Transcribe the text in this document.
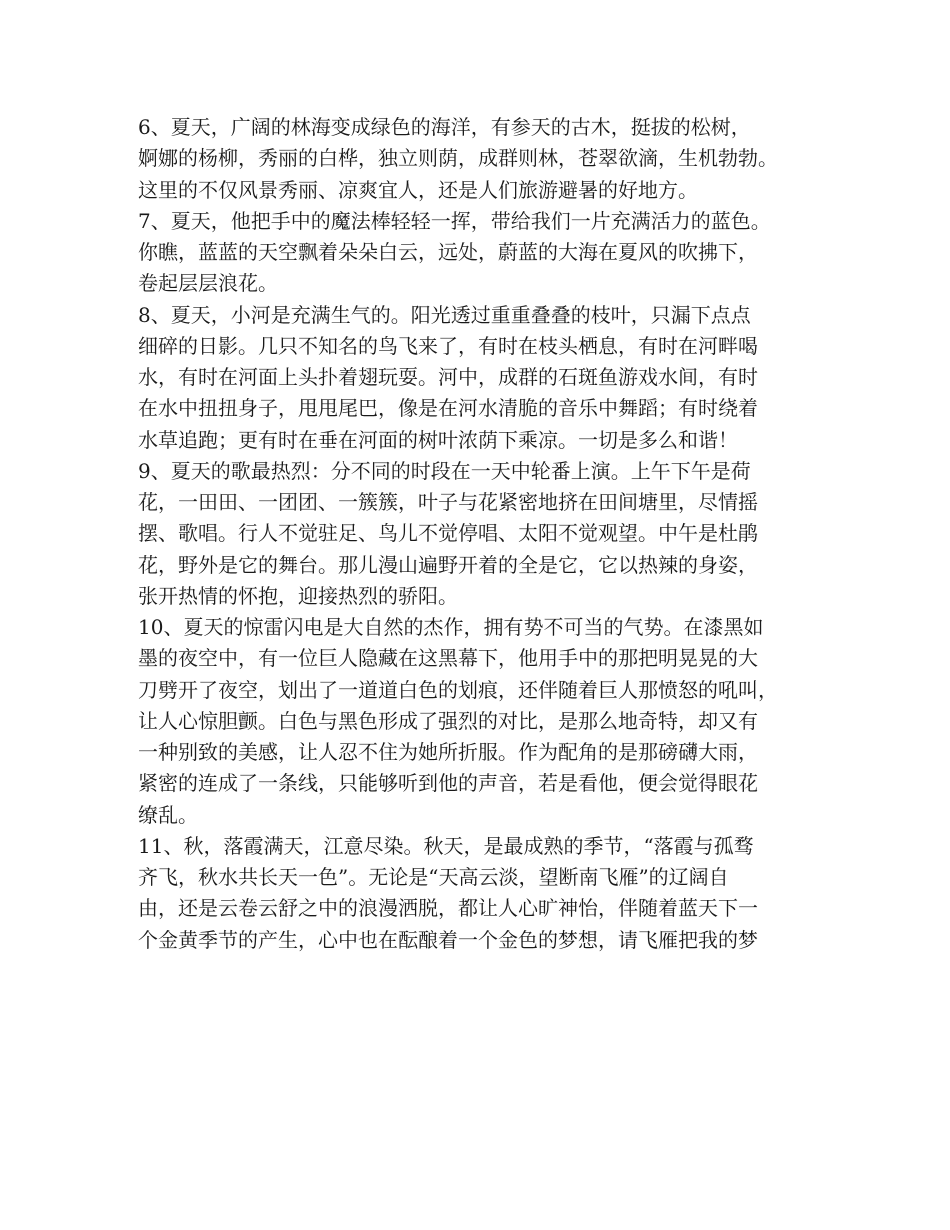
6、夏天，广阔的林海变成绿色的海洋，有参天的古木，挺拔的松树，
婀娜的杨柳，秀丽的白桦，独立则荫，成群则林，苍翠欲滴，生机勃勃。
这里的不仅风景秀丽、凉爽宜人，还是人们旅游避暑的好地方。
7、夏天，他把手中的魔法棒轻轻一挥，带给我们一片充满活力的蓝色。
你瞧，蓝蓝的天空飘着朵朵白云，远处，蔚蓝的大海在夏风的吹拂下，
卷起层层浪花。
8、夏天，小河是充满生气的。阳光透过重重叠叠的枝叶，只漏下点点
细碎的日影。几只不知名的鸟飞来了，有时在枝头栖息，有时在河畔喝
水，有时在河面上头扑着翅玩耍。河中，成群的石斑鱼游戏水间，有时
在水中扭扭身子，甩甩尾巴，像是在河水清脆的音乐中舞蹈；有时绕着
水草追跑；更有时在垂在河面的树叶浓荫下乘凉。一切是多么和谐！
9、夏天的歌最热烈：分不同的时段在一天中轮番上演。上午下午是荷
花，一田田、一团团、一簇簇，叶子与花紧密地挤在田间塘里，尽情摇
摆、歌唱。行人不觉驻足、鸟儿不觉停唱、太阳不觉观望。中午是杜鹃
花，野外是它的舞台。那儿漫山遍野开着的全是它，它以热辣的身姿，
张开热情的怀抱，迎接热烈的骄阳。
10、夏天的惊雷闪电是大自然的杰作，拥有势不可当的气势。在漆黑如
墨的夜空中，有一位巨人隐藏在这黑幕下，他用手中的那把明晃晃的大
刀劈开了夜空，划出了一道道白色的划痕，还伴随着巨人那愤怒的吼叫，
让人心惊胆颤。白色与黑色形成了强烈的对比，是那么地奇特，却又有
一种别致的美感，让人忍不住为她所折服。作为配角的是那磅礴大雨，
紧密的连成了一条线，只能够听到他的声音，若是看他，便会觉得眼花
缭乱。
11、秋，落霞满天，江意尽染。秋天，是最成熟的季节，“落霞与孤骛
齐飞，秋水共长天一色”。无论是“天高云淡，望断南飞雁”的辽阔自
由，还是云卷云舒之中的浪漫洒脱，都让人心旷神怡，伴随着蓝天下一
个金黄季节的产生，心中也在酝酿着一个金色的梦想，请飞雁把我的梦
